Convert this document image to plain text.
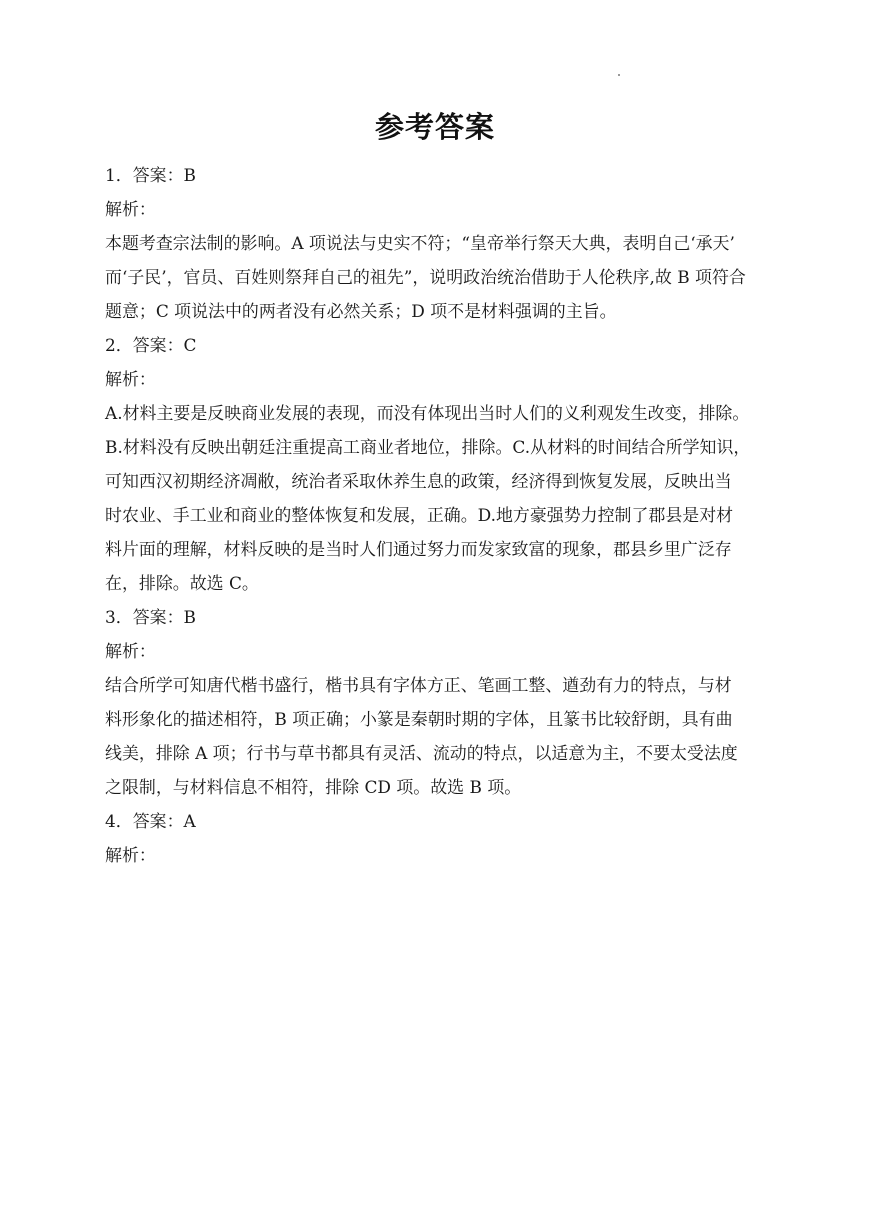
参考答案
1．答案：B
解析：
本题考查宗法制的影响。A 项说法与史实不符；“皇帝举行祭天大典，表明自己‘承天’
而‘子民’，官员、百姓则祭拜自己的祖先”，说明政治统治借助于人伦秩序,故 B 项符合
题意；C 项说法中的两者没有必然关系；D 项不是材料强调的主旨。
2．答案：C
解析：
A.材料主要是反映商业发展的表现，而没有体现出当时人们的义利观发生改变，排除。
B.材料没有反映出朝廷注重提高工商业者地位，排除。C.从材料的时间结合所学知识，
可知西汉初期经济凋敝，统治者采取休养生息的政策，经济得到恢复发展，反映出当
时农业、手工业和商业的整体恢复和发展，正确。D.地方豪强势力控制了郡县是对材
料片面的理解，材料反映的是当时人们通过努力而发家致富的现象，郡县乡里广泛存
在，排除。故选 C。
3．答案：B
解析：
结合所学可知唐代楷书盛行，楷书具有字体方正、笔画工整、遒劲有力的特点，与材
料形象化的描述相符，B 项正确；小篆是秦朝时期的字体，且篆书比较舒朗，具有曲
线美，排除 A 项；行书与草书都具有灵活、流动的特点，以适意为主，不要太受法度
之限制，与材料信息不相符，排除 CD 项。故选 B 项。
4．答案：A
解析：
